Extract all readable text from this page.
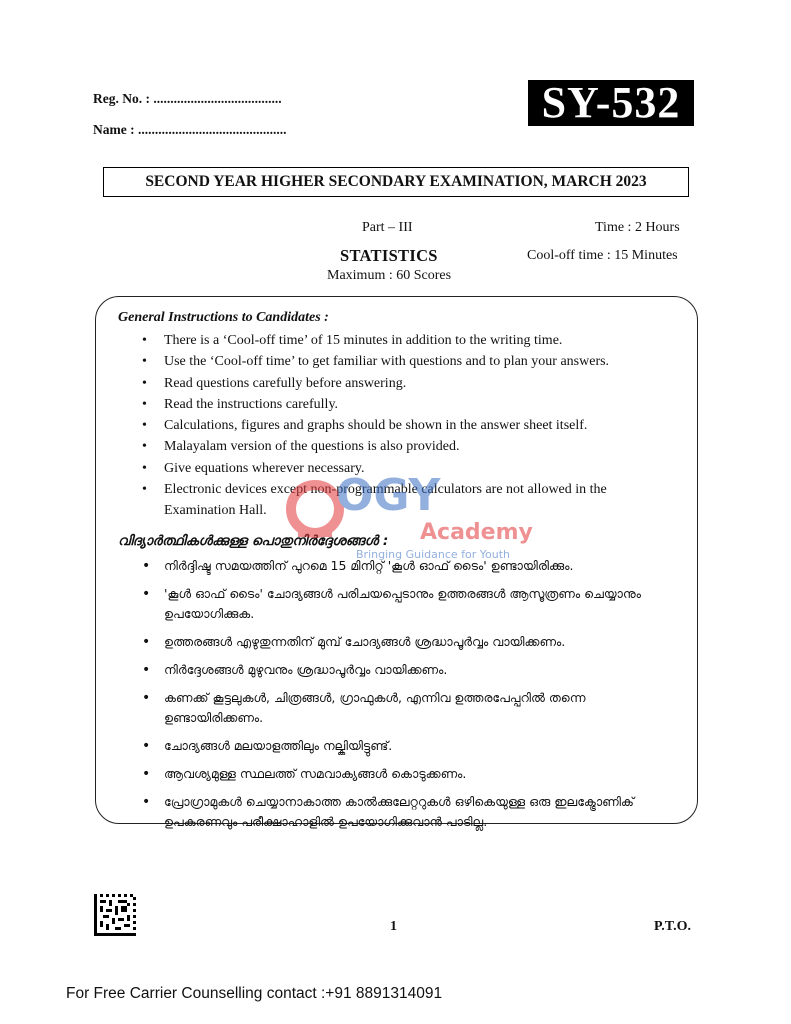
Reg. No. : ......................................
Name : ............................................
SY-532
SECOND YEAR HIGHER SECONDARY EXAMINATION, MARCH 2023
Part – III	Time : 2 Hours
STATISTICS	Cool-off time : 15 Minutes
Maximum : 60 Scores
General Instructions to Candidates :
• There is a ‘Cool-off time’ of 15 minutes in addition to the writing time.
• Use the ‘Cool-off time’ to get familiar with questions and to plan your answers.
• Read questions carefully before answering.
• Read the instructions carefully.
• Calculations, figures and graphs should be shown in the answer sheet itself.
• Malayalam version of the questions is also provided.
• Give equations wherever necessary.
• Electronic devices except non-programmable calculators are not allowed in the Examination Hall.
വിദ്യാർത്ഥികൾക്കുള്ള പൊതുനിർദ്ദേശങ്ങൾ :
• നിർദ്ദിഷ്ട സമയത്തിന് പുറമെ 15 മിനിറ്റ് 'കൂൾ ഓഫ് ടൈം' ഉണ്ടായിരിക്കും.
• 'കൂൾ ഓഫ് ടൈം' ചോദ്യങ്ങൾ പരിചയപ്പെടാനും ഉത്തരങ്ങൾ ആസൂത്രണം ചെയ്യാനും ഉപയോഗിക്കുക.
• ഉത്തരങ്ങൾ എഴുതുന്നതിന് മുമ്പ് ചോദ്യങ്ങൾ ശ്രദ്ധാപൂർവ്വം വായിക്കണം.
• നിർദ്ദേശങ്ങൾ മുഴുവനും ശ്രദ്ധാപൂർവ്വം വായിക്കണം.
• കണക്ക് കൂട്ടലുകൾ, ചിത്രങ്ങൾ, ഗ്രാഫുകൾ, എന്നിവ ഉത്തരപേപ്പറിൽ തന്നെ ഉണ്ടായിരിക്കണം.
• ചോദ്യങ്ങൾ മലയാളത്തിലും നല്കിയിട്ടുണ്ട്.
• ആവശ്യമുള്ള സ്ഥലത്ത് സമവാക്യങ്ങൾ കൊടുക്കണം.
• പ്രോഗ്രാമുകൾ ചെയ്യാനാകാത്ത കാൽക്കുലേറ്ററുകൾ ഒഴികെയുള്ള ഒരു ഇലക്ട്രോണിക് ഉപകരണവും പരീക്ഷാഹാളിൽ ഉപയോഗിക്കുവാൻ പാടില്ല.
OGY
Academy
Bringing Guidance for Youth
1	P.T.O.
For Free Carrier Counselling contact :+91 8891314091
